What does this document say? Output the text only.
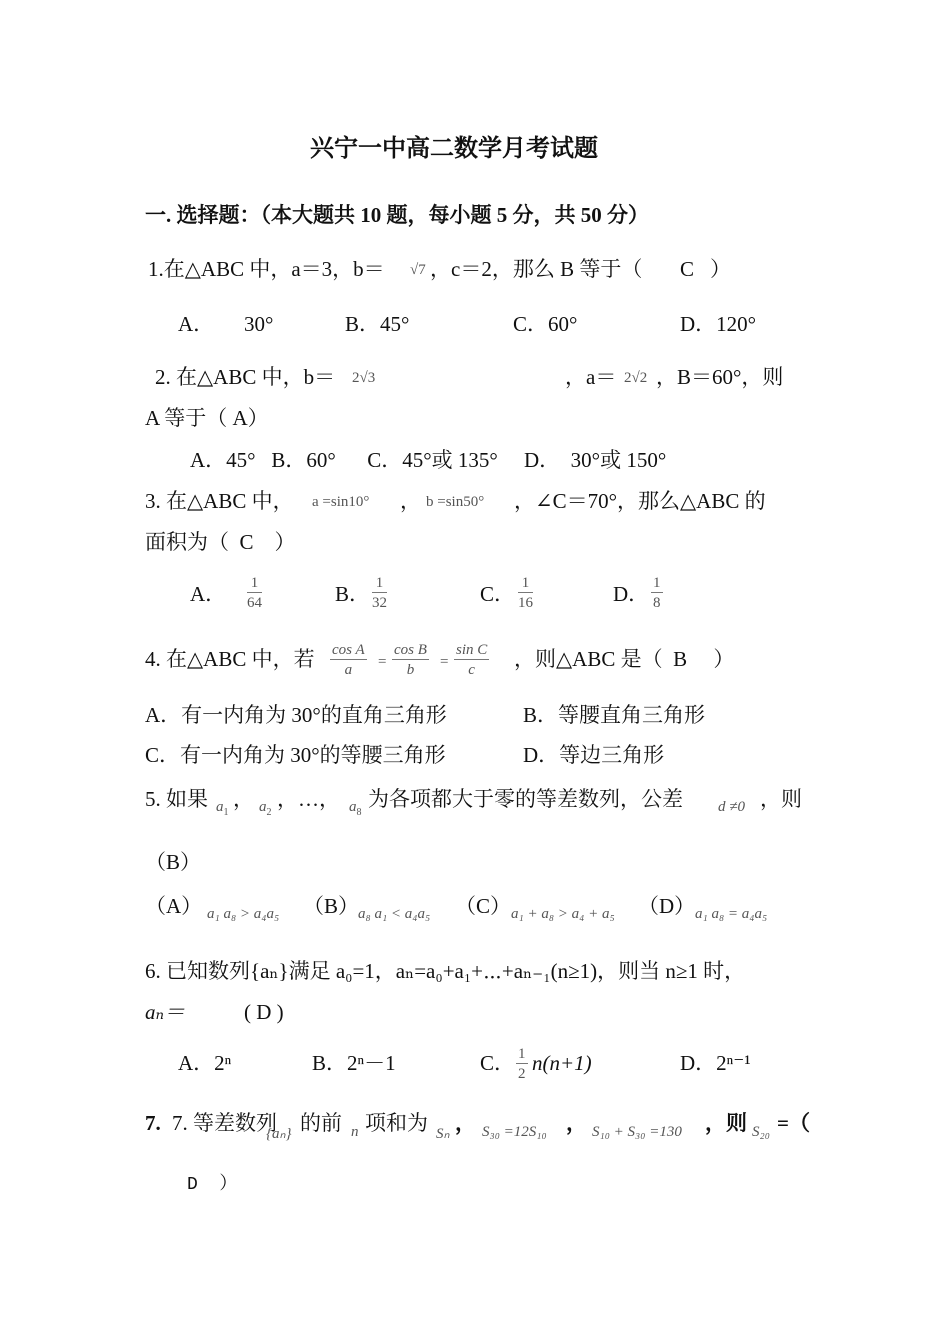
兴宁一中高二数学月考试题
一. 选择题：（本大题共 10 题，每小题 5 分，共 50 分）
1.在△ABC 中，a＝3，b＝ √7 ，c＝2，那么 B 等于（ C ）
A． 30°	B．45°	C．60°	D．120°
2. 在△ABC 中，b＝ 2√3	，a＝ 2√2 ，B＝60°，则
A 等于（ A）
A．45°   B．60°      C．45°或 135°     D．  30°或 150°
3. 在△ABC 中， a =sin10° ， b =sin50° ，∠C＝70°，那么△ABC 的
面积为（  C    ）
A． 1
64	B． 1
32	C． 1
16	D． 1
8
4. 在△ABC 中，若 cos A
a	=
cos B
b	=
sin C
c	，则△ABC 是（  B     ）
A．有一内角为 30°的直角三角形	B．等腰直角三角形
C．有一内角为 30°的等腰三角形	D．等边三角形
5. 如果 $a_1$
， $a_2$
，…， $a_8$
为各项都大于零的等差数列，公差 d ≠0 ，则
（B）
（A） a₁ a₈ > a₄a₅ （B）
a₈ a₁ < a₄a₅ （C） a₁ + a₈ > a₄ + a₅ （D） a₁ a₈ = a₄a₅
6. 已知数列{aₙ}满足 a₀=1，aₙ=a₀+a₁+⋯+aₙ₋₁(n≥1)，则当 n≥1 时，
aₙ＝	( D )
A．2ⁿ	B．2ⁿ－1	C． 1
2 n(n+1)	D．2ⁿ⁻¹
7. 7. 等差数列
{aₙ} 的前 n 项和为 Sₙ ， S₃₀ =12S₁₀ ， S₁₀ + S₃₀ =130 ，则 S₂₀ =（
D  ）
